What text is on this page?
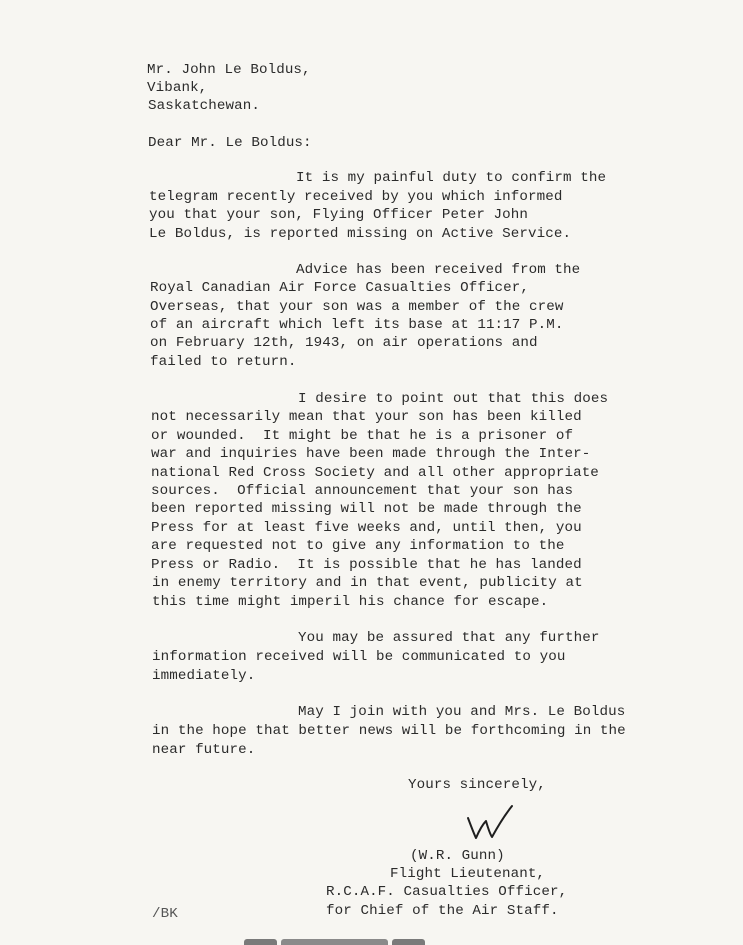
Mr. John Le Boldus,
Vibank,
Saskatchewan.
Dear Mr. Le Boldus:
It is my painful duty to confirm the
telegram recently received by you which informed
you that your son, Flying Officer Peter John
Le Boldus, is reported missing on Active Service.
Advice has been received from the
Royal Canadian Air Force Casualties Officer,
Overseas, that your son was a member of the crew
of an aircraft which left its base at 11:17 P.M.
on February 12th, 1943, on air operations and
failed to return.
I desire to point out that this does
not necessarily mean that your son has been killed
or wounded.  It might be that he is a prisoner of
war and inquiries have been made through the Inter-
national Red Cross Society and all other appropriate
sources.  Official announcement that your son has
been reported missing will not be made through the
Press for at least five weeks and, until then, you
are requested not to give any information to the
Press or Radio.  It is possible that he has landed
in enemy territory and in that event, publicity at
this time might imperil his chance for escape.
You may be assured that any further
information received will be communicated to you
immediately.
May I join with you and Mrs. Le Boldus
in the hope that better news will be forthcoming in the
near future.
Yours sincerely,
(W.R. Gunn)
Flight Lieutenant,
R.C.A.F. Casualties Officer,
for Chief of the Air Staff.
/BK
